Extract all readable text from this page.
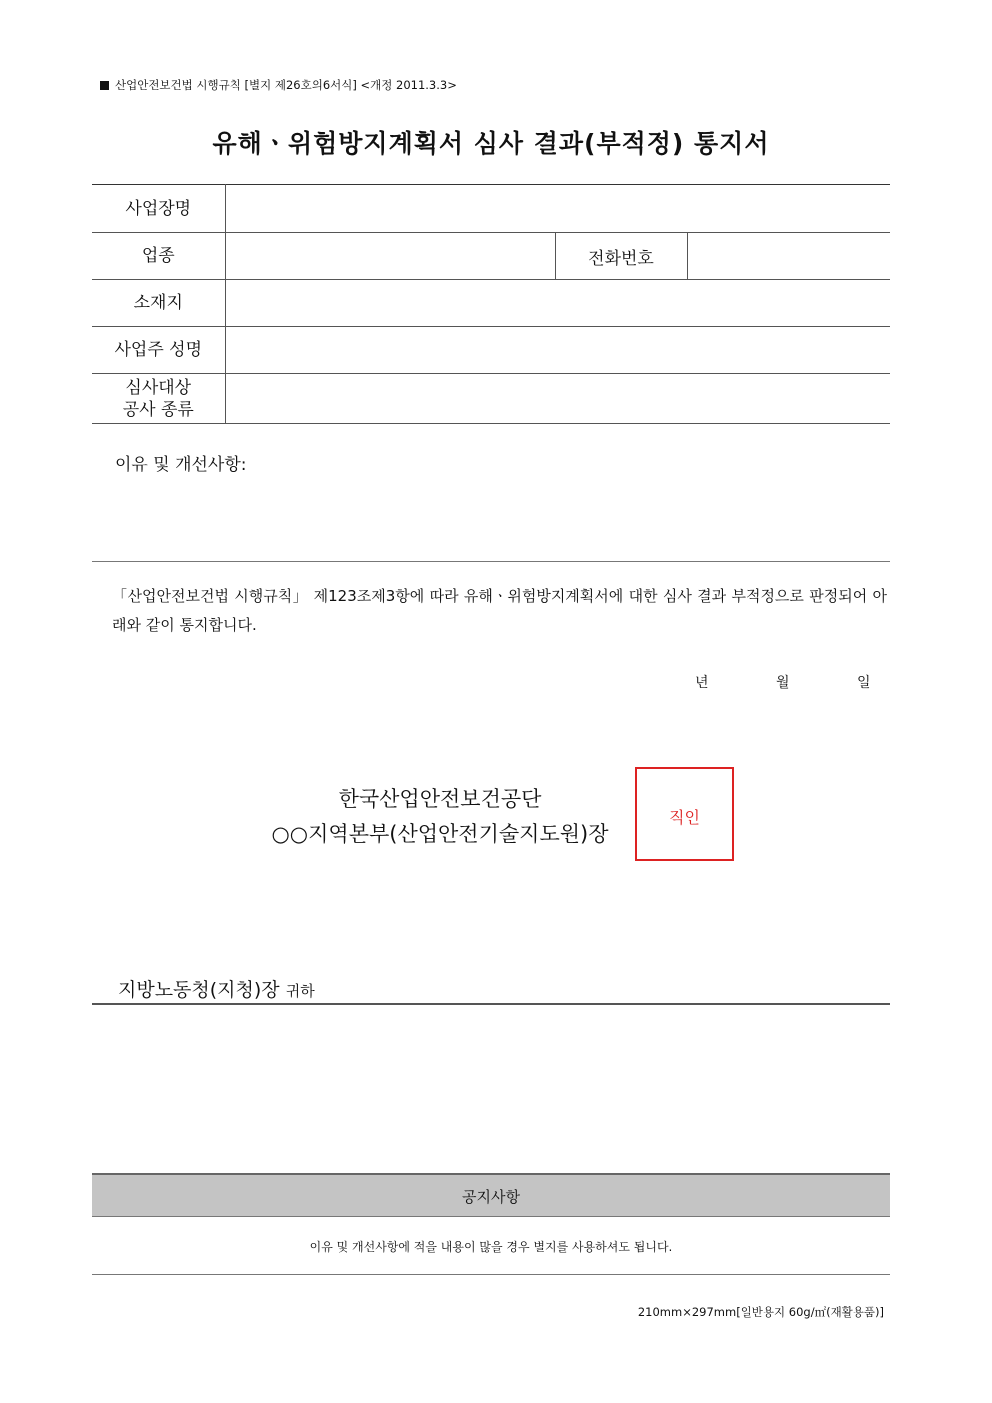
산업안전보건법 시행규칙 [별지 제26호의6서식] <개정 2011.3.3>
유해ㆍ위험방지계획서 심사 결과(부적정) 통지서
사업장명			
업종		전화번호	
소재지			
사업주 성명			

심사대상
공사 종류			

이유 및 개선사항:
「산업안전보건법 시행규칙」 제123조제3항에 따라 유해ㆍ위험방지계획서에 대한 심사 결과 부적정으로 판정되어 아래와 같이 통지합니다.
년	월	일
한국산업안전보건공단
○○지역본부(산업안전기술지도원)장
직인
지방노동청(지청)장 귀하
공지사항
이유 및 개선사항에 적을 내용이 많을 경우 별지를 사용하셔도 됩니다.
210mm×297mm[일반용지 60g/㎡(재활용품)]
